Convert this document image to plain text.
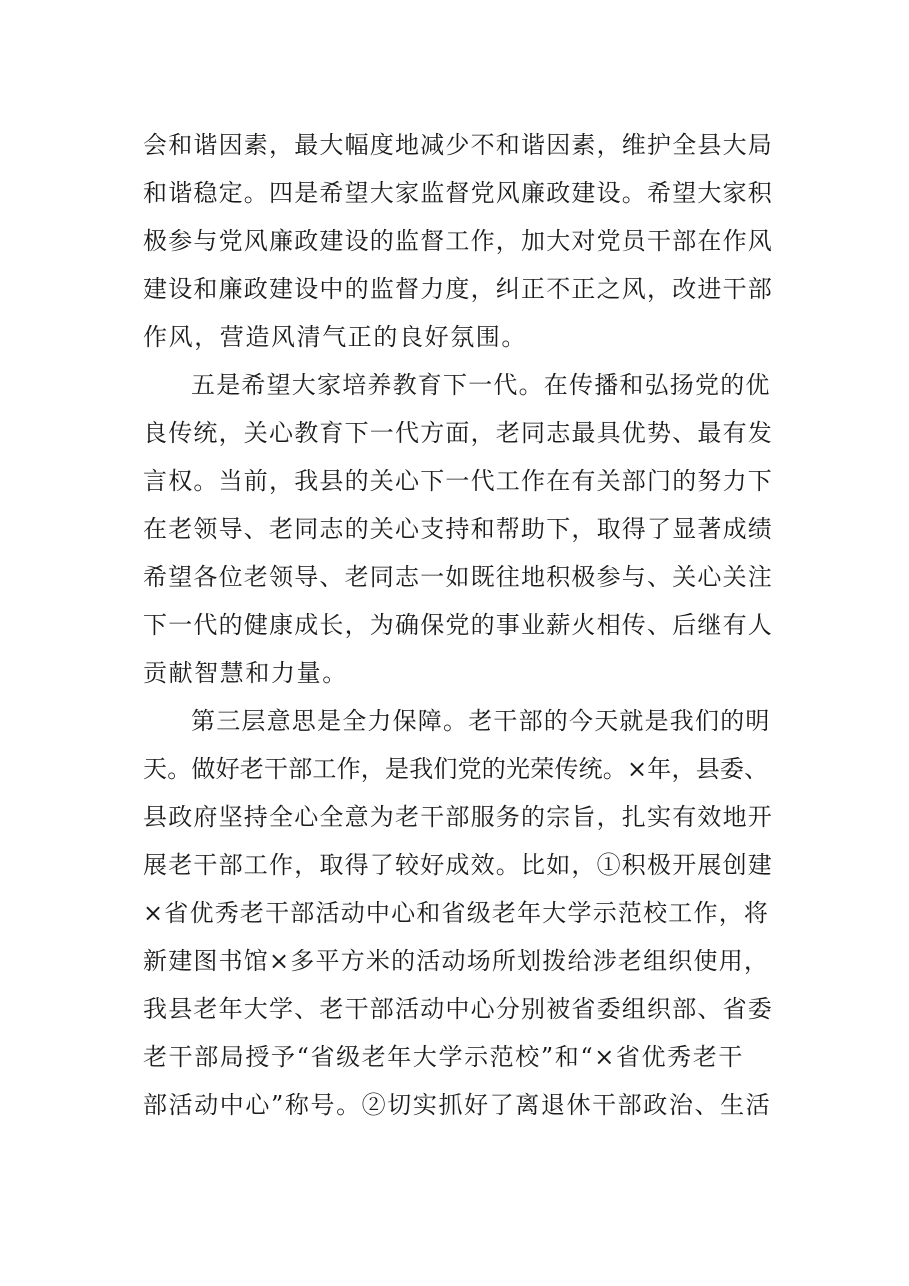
会和谐因素，最大幅度地减少不和谐因素，维护全县大局
和谐稳定。四是希望大家监督党风廉政建设。希望大家积
极参与党风廉政建设的监督工作，加大对党员干部在作风
建设和廉政建设中的监督力度，纠正不正之风，改进干部
作风，营造风清气正的良好氛围。
五是希望大家培养教育下一代。在传播和弘扬党的优
良传统，关心教育下一代方面，老同志最具优势、最有发
言权。当前，我县的关心下一代工作在有关部门的努力下
在老领导、老同志的关心支持和帮助下，取得了显著成绩
希望各位老领导、老同志一如既往地积极参与、关心关注
下一代的健康成长，为确保党的事业薪火相传、后继有人
贡献智慧和力量。
第三层意思是全力保障。老干部的今天就是我们的明
天。做好老干部工作，是我们党的光荣传统。×年，县委、
县政府坚持全心全意为老干部服务的宗旨，扎实有效地开
展老干部工作，取得了较好成效。比如，①积极开展创建
×省优秀老干部活动中心和省级老年大学示范校工作，将
新建图书馆×多平方米的活动场所划拨给涉老组织使用，
我县老年大学、老干部活动中心分别被省委组织部、省委
老干部局授予“省级老年大学示范校”和“×省优秀老干
部活动中心”称号。②切实抓好了离退休干部政治、生活
